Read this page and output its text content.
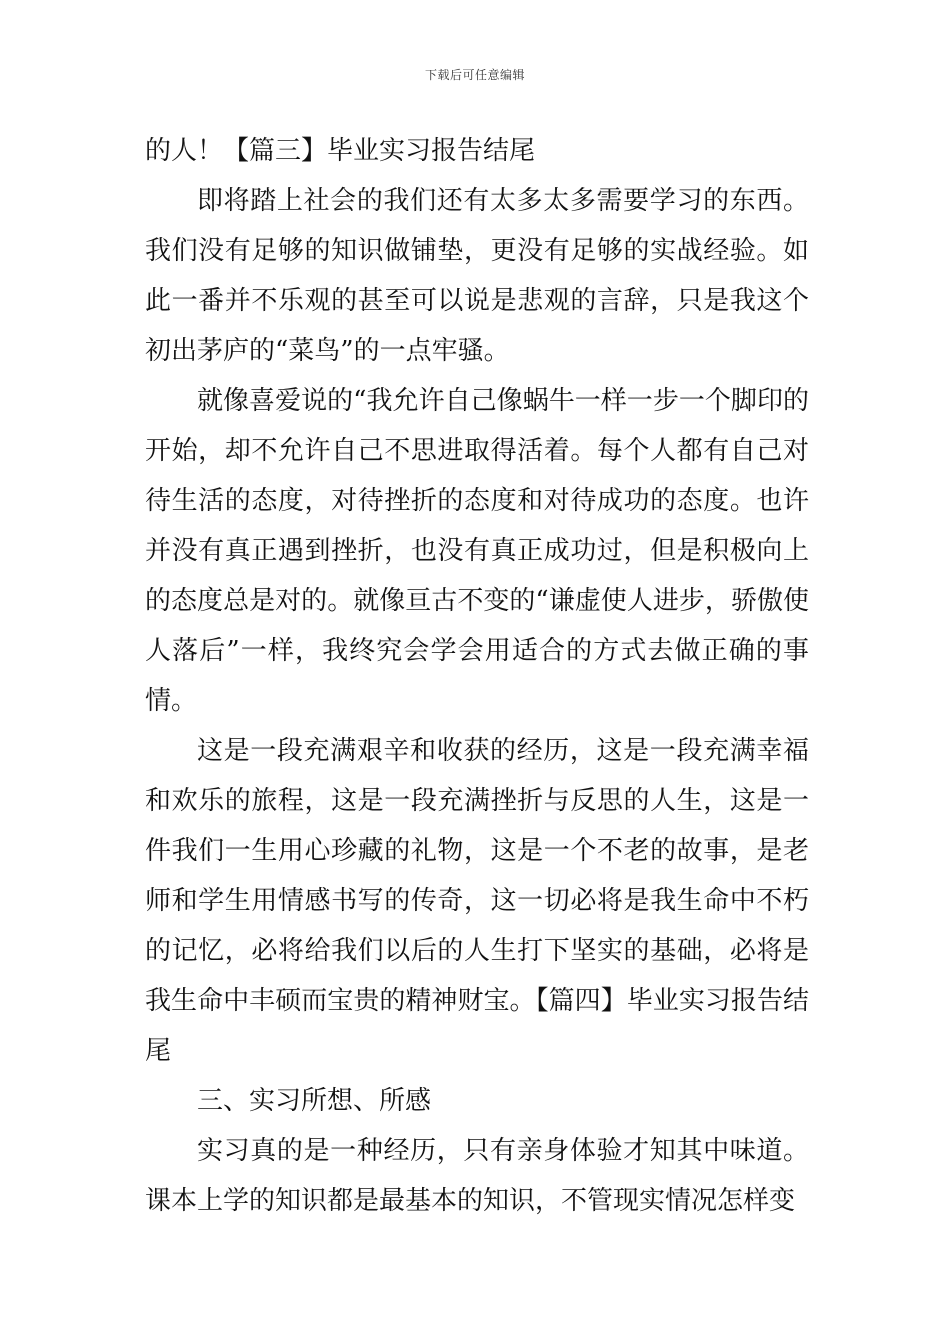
下载后可任意编辑

的人！【篇三】毕业实习报告结尾

即将踏上社会的我们还有太多太多需要学习的东西。我们没有足够的知识做铺垫，更没有足够的实战经验。如此一番并不乐观的甚至可以说是悲观的言辞，只是我这个初出茅庐的“菜鸟”的一点牢骚。

就像喜爱说的“我允许自己像蜗牛一样一步一个脚印的开始，却不允许自己不思进取得活着。每个人都有自己对待生活的态度，对待挫折的态度和对待成功的态度。也许并没有真正遇到挫折，也没有真正成功过，但是积极向上的态度总是对的。就像亘古不变的“谦虚使人进步，骄傲使人落后”一样，我终究会学会用适合的方式去做正确的事情。

这是一段充满艰辛和收获的经历，这是一段充满幸福和欢乐的旅程，这是一段充满挫折与反思的人生，这是一件我们一生用心珍藏的礼物，这是一个不老的故事，是老师和学生用情感书写的传奇，这一切必将是我生命中不朽的记忆，必将给我们以后的人生打下坚实的基础，必将是我生命中丰硕而宝贵的精神财宝。【篇四】毕业实习报告结尾

三、实习所想、所感

实习真的是一种经历，只有亲身体验才知其中味道。课本上学的知识都是最基本的知识，不管现实情况怎样变
